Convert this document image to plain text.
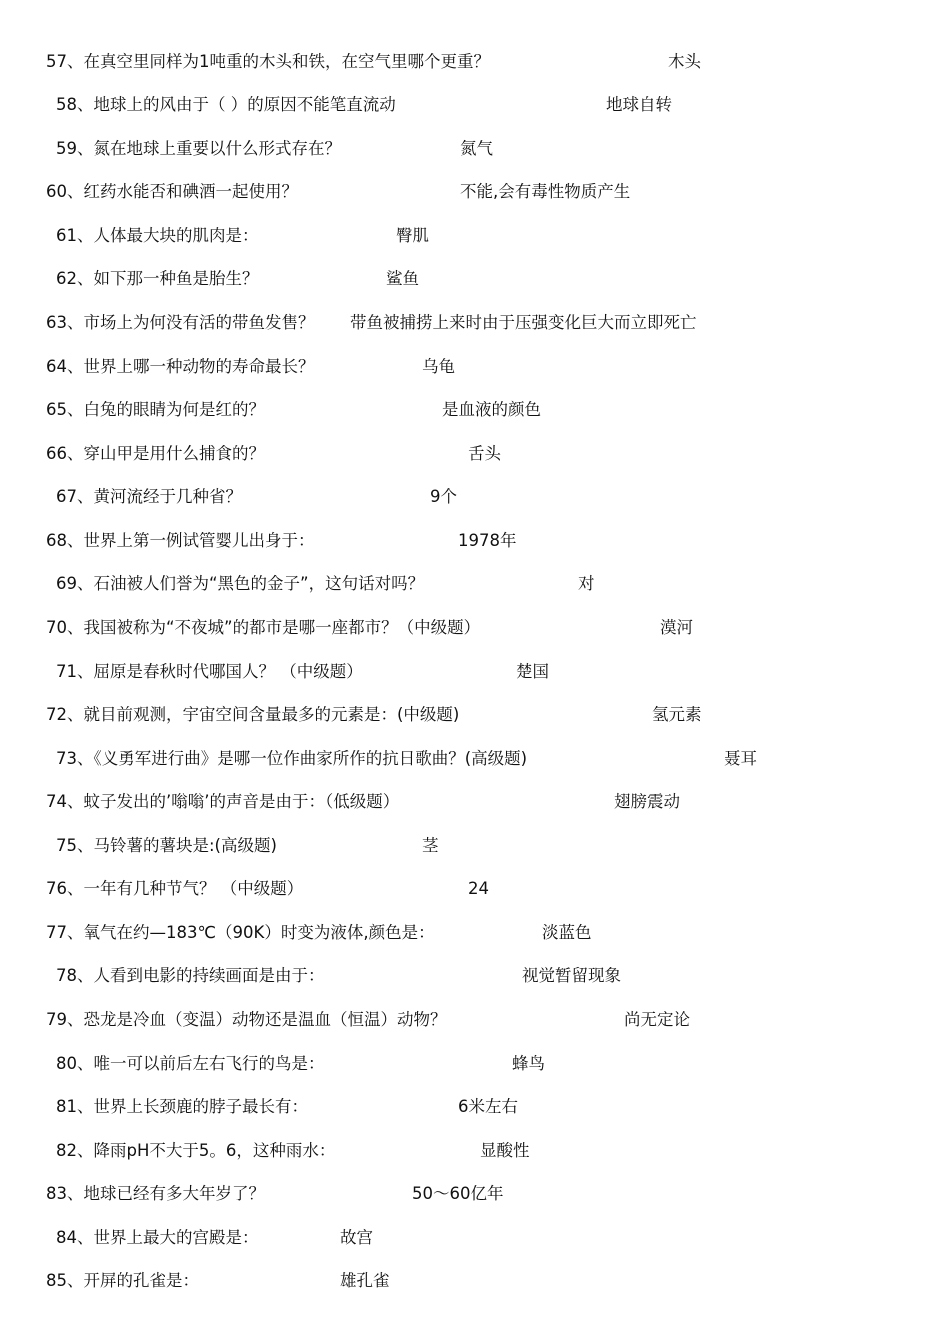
57、在真空里同样为1吨重的木头和铁，在空气里哪个更重？	木头
58、地球上的风由于（ ）的原因不能笔直流动	地球自转
59、氮在地球上重要以什么形式存在？	氮气
60、红药水能否和碘酒一起使用？	不能,会有毒性物质产生
61、人体最大块的肌肉是：	臀肌
62、如下那一种鱼是胎生？	鲨鱼
63、市场上为何没有活的带鱼发售？ 带鱼被捕捞上来时由于压强变化巨大而立即死亡
64、世界上哪一种动物的寿命最长？	乌龟
65、白兔的眼睛为何是红的？	是血液的颜色
66、穿山甲是用什么捕食的？	舌头
67、黄河流经于几种省？	9个
68、世界上第一例试管婴儿出身于：	1978年
69、石油被人们誉为“黑色的金子”，这句话对吗？	对
70、我国被称为“不夜城”的都市是哪一座都市？（中级题）	漠河
71、屈原是春秋时代哪国人？ （中级题）	楚国
72、就目前观测，宇宙空间含量最多的元素是：(中级题)	氢元素
73、《义勇军进行曲》是哪一位作曲家所作的抗日歌曲？(高级题)	聂耳
74、蚊子发出的’嗡嗡’的声音是由于：（低级题）	翅膀震动
75、马铃薯的薯块是:(高级题)	茎
76、一年有几种节气？ （中级题）	24
77、氧气在约—183℃（90K）时变为液体,颜色是：	淡蓝色
78、人看到电影的持续画面是由于：	视觉暂留现象
79、恐龙是冷血（变温）动物还是温血（恒温）动物？	尚无定论
80、唯一可以前后左右飞行的鸟是：	蜂鸟
81、世界上长颈鹿的脖子最长有：	6米左右
82、降雨pH不大于5。6，这种雨水：	显酸性
83、地球已经有多大年岁了？	50～60亿年
84、世界上最大的宫殿是：	故宫
85、开屏的孔雀是：	雄孔雀
